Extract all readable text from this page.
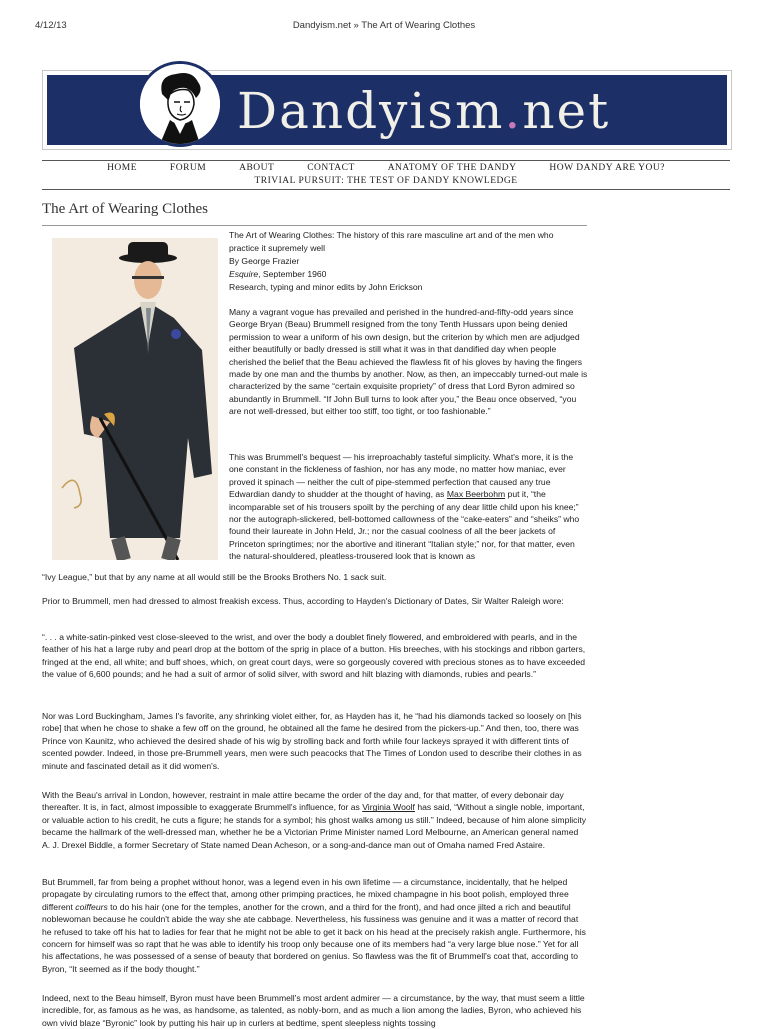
4/12/13	Dandyism.net » The Art of Wearing Clothes
Dandyism.net
HOME	FORUM	ABOUT	CONTACT	ANATOMY OF THE DANDY	HOW DANDY ARE YOU?
TRIVIAL PURSUIT: THE TEST OF DANDY KNOWLEDGE
The Art of Wearing Clothes
The Art of Wearing Clothes: The history of this rare masculine art and of the men who
practice it supremely well
By George Frazier
Esquire, September 1960
Research, typing and minor edits by John Erickson
Many a vagrant vogue has prevailed and perished in the hundred-and-fifty-odd years since George Bryan (Beau) Brummell resigned from the tony Tenth Hussars upon being denied permission to wear a uniform of his own design, but the criterion by which men are adjudged either beautifully or badly dressed is still what it was in that dandified day when people cherished the belief that the Beau achieved the flawless fit of his gloves by having the fingers made by one man and the thumbs by another. Now, as then, an impeccably turned-out male is characterized by the same “certain exquisite propriety” of dress that Lord Byron admired so abundantly in Brummell. “If John Bull turns to look after you,” the Beau once observed, “you are not well-dressed, but either too stiff, too tight, or too fashionable.”
This was Brummell's bequest — his irreproachably tasteful simplicity. What's more, it is the one constant in the fickleness of fashion, nor has any mode, no matter how maniac, ever proved it spinach — neither the cult of pipe-stemmed perfection that caused any true Edwardian dandy to shudder at the thought of having, as Max Beerbohm put it, “the incomparable set of his trousers spoilt by the perching of any dear little child upon his knee;” nor the autograph-slickered, bell-bottomed callowness of the “cake-eaters” and “sheiks” who found their laureate in John Held, Jr.; nor the casual coolness of all the beer jackets of Princeton springtimes; nor the abortive and itinerant “Italian style;” nor, for that matter, even the natural-shouldered, pleatless-trousered look that is known as
“Ivy League,” but that by any name at all would still be the Brooks Brothers No. 1 sack suit.
Prior to Brummell, men had dressed to almost freakish excess. Thus, according to Hayden's Dictionary of Dates, Sir Walter Raleigh wore:
“. . . a white-satin-pinked vest close-sleeved to the wrist, and over the body a doublet finely flowered, and embroidered with pearls, and in the feather of his hat a large ruby and pearl drop at the bottom of the sprig in place of a button. His breeches, with his stockings and ribbon garters, fringed at the end, all white; and buff shoes, which, on great court days, were so gorgeously covered with precious stones as to have exceeded the value of 6,600 pounds; and he had a suit of armor of solid silver, with sword and hilt blazing with diamonds, rubies and pearls.”
Nor was Lord Buckingham, James I's favorite, any shrinking violet either, for, as Hayden has it, he “had his diamonds tacked so loosely on [his robe] that when he chose to shake a few off on the ground, he obtained all the fame he desired from the pickers-up.” And then, too, there was Prince von Kaunitz, who achieved the desired shade of his wig by strolling back and forth while four lackeys sprayed it with different tints of scented powder. Indeed, in those pre-Brummell years, men were such peacocks that The Times of London used to describe their clothes in as minute and fascinated detail as it did women's.
With the Beau's arrival in London, however, restraint in male attire became the order of the day and, for that matter, of every debonair day thereafter. It is, in fact, almost impossible to exaggerate Brummell's influence, for as Virginia Woolf has said, “Without a single noble, important, or valuable action to his credit, he cuts a figure; he stands for a symbol; his ghost walks among us still.” Indeed, because of him alone simplicity became the hallmark of the well-dressed man, whether he be a Victorian Prime Minister named Lord Melbourne, an American general named A. J. Drexel Biddle, a former Secretary of State named Dean Acheson, or a song-and-dance man out of Omaha named Fred Astaire.
But Brummell, far from being a prophet without honor, was a legend even in his own lifetime — a circumstance, incidentally, that he helped propagate by circulating rumors to the effect that, among other primping practices, he mixed champagne in his boot polish, employed three different coiffeurs to do his hair (one for the temples, another for the crown, and a third for the front), and had once jilted a rich and beautiful noblewoman because he couldn't abide the way she ate cabbage. Nevertheless, his fussiness was genuine and it was a matter of record that he refused to take off his hat to ladies for fear that he might not be able to get it back on his head at the precisely rakish angle. Furthermore, his concern for himself was so rapt that he was able to identify his troop only because one of its members had “a very large blue nose.” Yet for all his affectations, he was possessed of a sense of beauty that bordered on genius. So flawless was the fit of Brummell's coat that, according to Byron, “It seemed as if the body thought.”
Indeed, next to the Beau himself, Byron must have been Brummell's most ardent admirer — a circumstance, by the way, that must seem a little incredible, for, as famous as he was, as handsome, as talented, as nobly-born, and as much a lion among the ladies, Byron, who achieved his own vivid blaze “Byronic” look by putting his hair up in curlers at bedtime, spent sleepless nights tossing
